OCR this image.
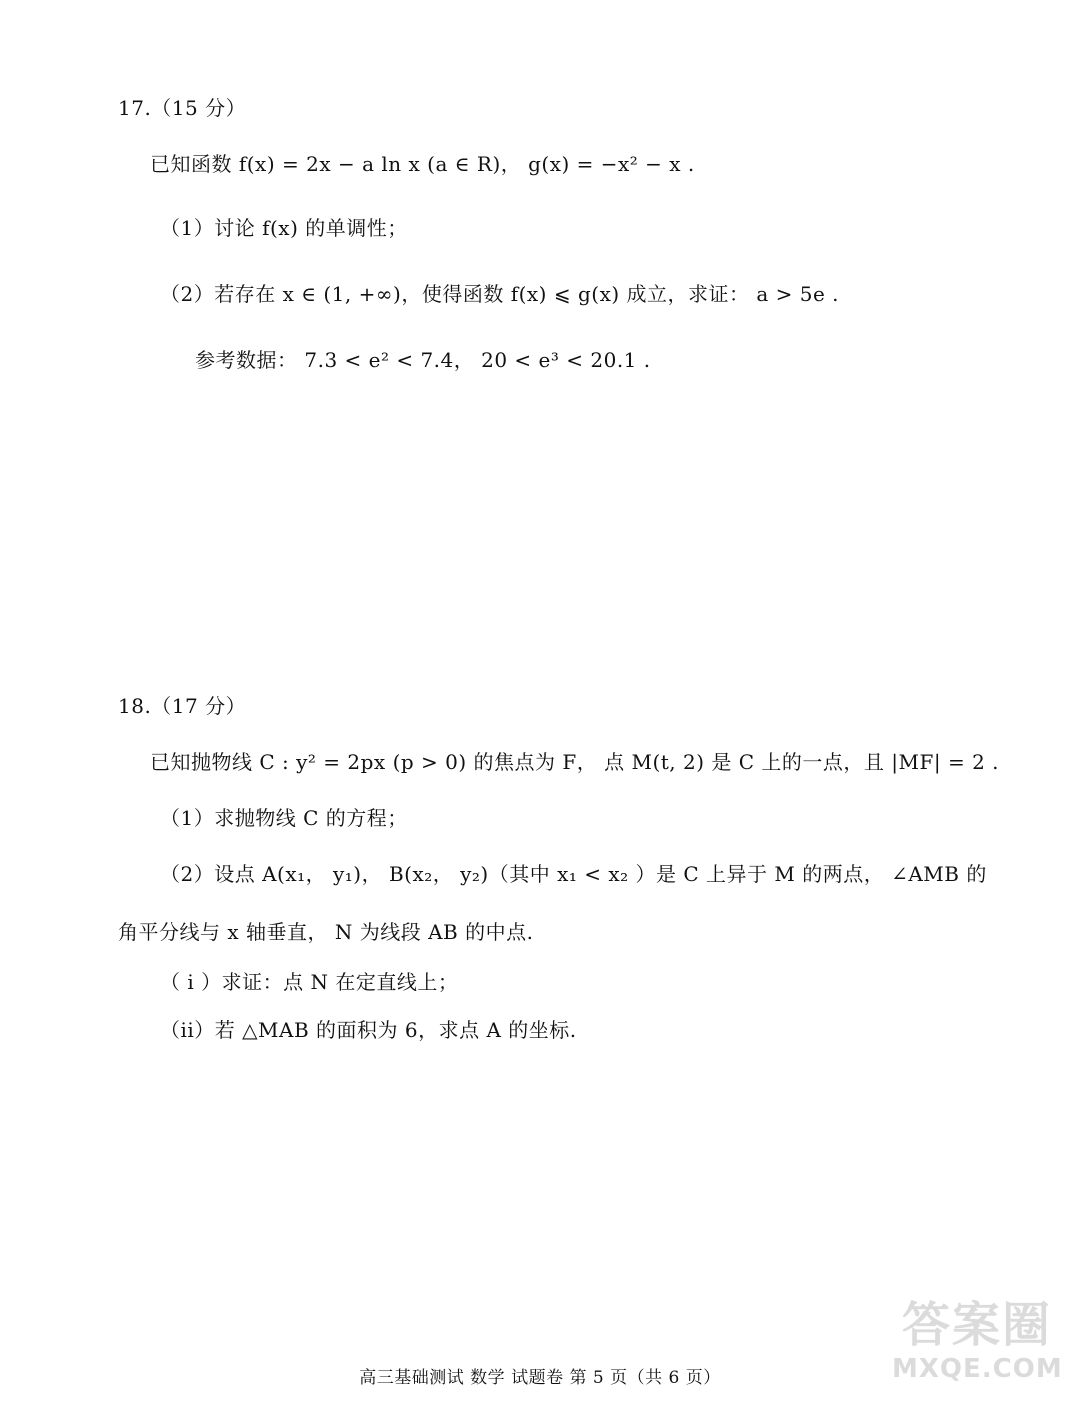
17.（15 分）
已知函数 f(x) = 2x − a ln x (a ∈ R)， g(x) = −x² − x .
（1）讨论 f(x) 的单调性；
（2）若存在 x ∈ (1, +∞)，使得函数 f(x) ⩽ g(x) 成立，求证： a > 5e .
参考数据： 7.3 < e² < 7.4， 20 < e³ < 20.1 .
18.（17 分）
已知抛物线 C : y² = 2px (p > 0) 的焦点为 F， 点 M(t, 2) 是 C 上的一点，且 |MF| = 2 .
（1）求抛物线 C 的方程；
（2）设点 A(x₁， y₁)， B(x₂， y₂)（其中 x₁ < x₂ ）是 C 上异于 M 的两点， ∠AMB 的
角平分线与 x 轴垂直， N 为线段 AB 的中点.
（ i ）求证：点 N 在定直线上；
（ii）若 △MAB 的面积为 6，求点 A 的坐标.
高三基础测试 数学 试题卷 第 5 页（共 6 页）
答案圈
MXQE.COM
